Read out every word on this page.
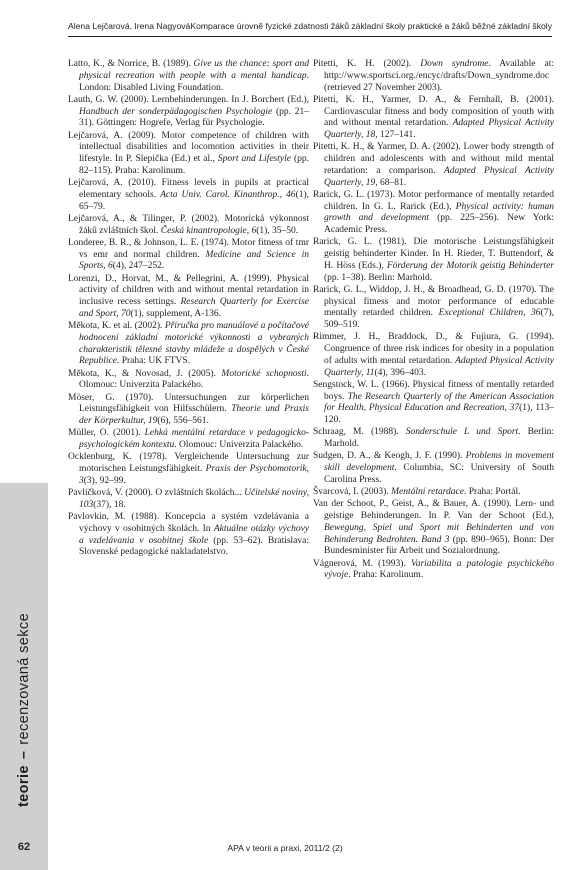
Alena Lejčarová, Irena Nagyová Komparace úrovně fyzické zdatnosti žáků základní školy praktické a žáků běžné základní školy
teorie–recenzovaná sekce

Latto, K., & Norrice, B. (1989). Give us the chance: sport and physical recreation with people with a mental handicap. London: Disabled Living Foundation.

Lauth, G. W. (2000). Lernbehinderungen. In J. Borchert (Ed.), Handbuch der sonderpädagogischen Psychologie (pp. 21–31). Göttingen: Hogrefe, Verlag für Psychologie.

Lejčarová, A. (2009). Motor competence of children with intellectual disabilities and locomotion activities in their lifestyle. In P. Slepička (Ed.) et al., Sport and Lifestyle (pp. 82–115). Praha: Karolinum.

Lejčarová, A. (2010). Fitness levels in pupils at practical elementary schools. Acta Univ. Carol. Kinanthrop., 46(1), 65–79.

Lejčarová, A., & Tilinger, P. (2002). Motorická výkonnost žáků zvláštních škol. Česká kinantropologie, 6(1), 35–50.

Londeree, B. R., & Johnson, L. E. (1974). Motor fitness of tmr vs emr and normal children. Medicine and Science in Sports, 6(4), 247–252.

Lorenzi, D., Horvat, M., & Pellegrini, A. (1999). Physical activity of children with and without mental retardation in inclusive recess settings. Research Quarterly for Exercise and Sport, 70(1), supplement, A-136.

Měkota, K. et al. (2002). Příručka pro manuálové a počítačové hodnocení základní motorické výkonnosti a vybraných charakteristik tělesné stavby mládeže a dospělých v České Republice. Praha: UK FTVS.

Měkota, K., & Novosad, J. (2005). Motorické schopnosti. Olomouc: Univerzita Palackého.

Möser, G. (1970). Untersuchungen zur körperlichen Leistungsfähigkeit von Hilfsschülern. Theorie und Praxis der Körperkultur, 19(6), 556–561.

Müller, O. (2001). Lehká mentální retardace v pedagogicko-psychologickém kontextu. Olomouc: Univerzita Palackého.

Ocklenburg, K. (1978). Vergleichende Untersuchung zur motorischen Leistungsfähigkeit. Praxis der Psychomotorik, 3(3), 92–99.

Pavlíčková, V. (2000). O zvláštních školách... Učitelské noviny, 103(37), 18.

Pavlovkin, M. (1988). Koncepcia a systém vzdelávania a výchovy v osobitných školách. In Aktuálne otázky výchovy a vzdelávania v osobitnej škole (pp. 53–62). Bratislava: Slovenské pedagogické nakladatelstvo.

Pitetti, K. H. (2002). Down syndrome. Available at: http://www.sportsci.org./encyc/drafts/Down_syndrome.doc (retrieved 27 November 2003).

Pitetti, K. H., Yarmer, D. A., & Fernhall, B. (2001). Cardiovascular fitness and body composition of youth with and without mental retardation. Adapted Physical Activity Quarterly, 18, 127–141.

Pitetti, K. H., & Yarmer, D. A. (2002). Lower body strength of children and adolescents with and without mild mental retardation: a comparison. Adapted Physical Activity Quarterly, 19, 68–81.

Rarick, G. L. (1973). Motor performance of mentally retarded children. In G. L. Rarick (Ed.), Physical activity: human growth and development (pp. 225–256). New York: Academic Press.

Rarick, G. L. (1981). Die motorische Leistungsfähigkeit geistig behinderter Kinder. In H. Rieder, T. Buttendorf, & H. Höss (Eds.), Förderung der Motorik geistig Behinderter (pp. 1–38). Berlin: Marhold.

Rarick, G. L., Widdop, J. H., & Broadhead, G. D. (1970). The physical fitness and motor performance of educable mentally retarded children. Exceptional Children, 36(7), 509–519.

Rimmer, J. H., Braddock, D., & Fujiura, G. (1994). Congruence of three risk indices for obesity in a population of adults with mental retardation. Adapted Physical Activity Quarterly, 11(4), 396–403.

Sengstock, W. L. (1966). Physical fitness of mentally retarded boys. The Research Quarterly of the American Association for Health, Physical Education and Recreation, 37(1), 113–120.

Schraag, M. (1988). Sonderschule L und Sport. Berlin: Marhold.

Sudgen, D. A., & Keogh, J. F. (1990). Problems in movement skill development. Columbia, SC: University of South Carolina Press.

Švarcová, I. (2003). Mentální retardace. Praha: Portál.

Van der Schoot, P., Geist, A., & Bauer, A. (1990). Lern- und geistige Behinderungen. In P. Van der Schoot (Ed.), Bewegung, Spiel und Sport mit Behinderten und von Behinderung Bedrohten. Band 3 (pp. 890–965). Bonn: Der Bundesminister für Arbeit und Sozialordnung.

Vágnerová, M. (1993). Variabilita a patologie psychického vývoje. Praha: Karolinum.

62	APA v teorii a praxi, 2011/2 (2)
